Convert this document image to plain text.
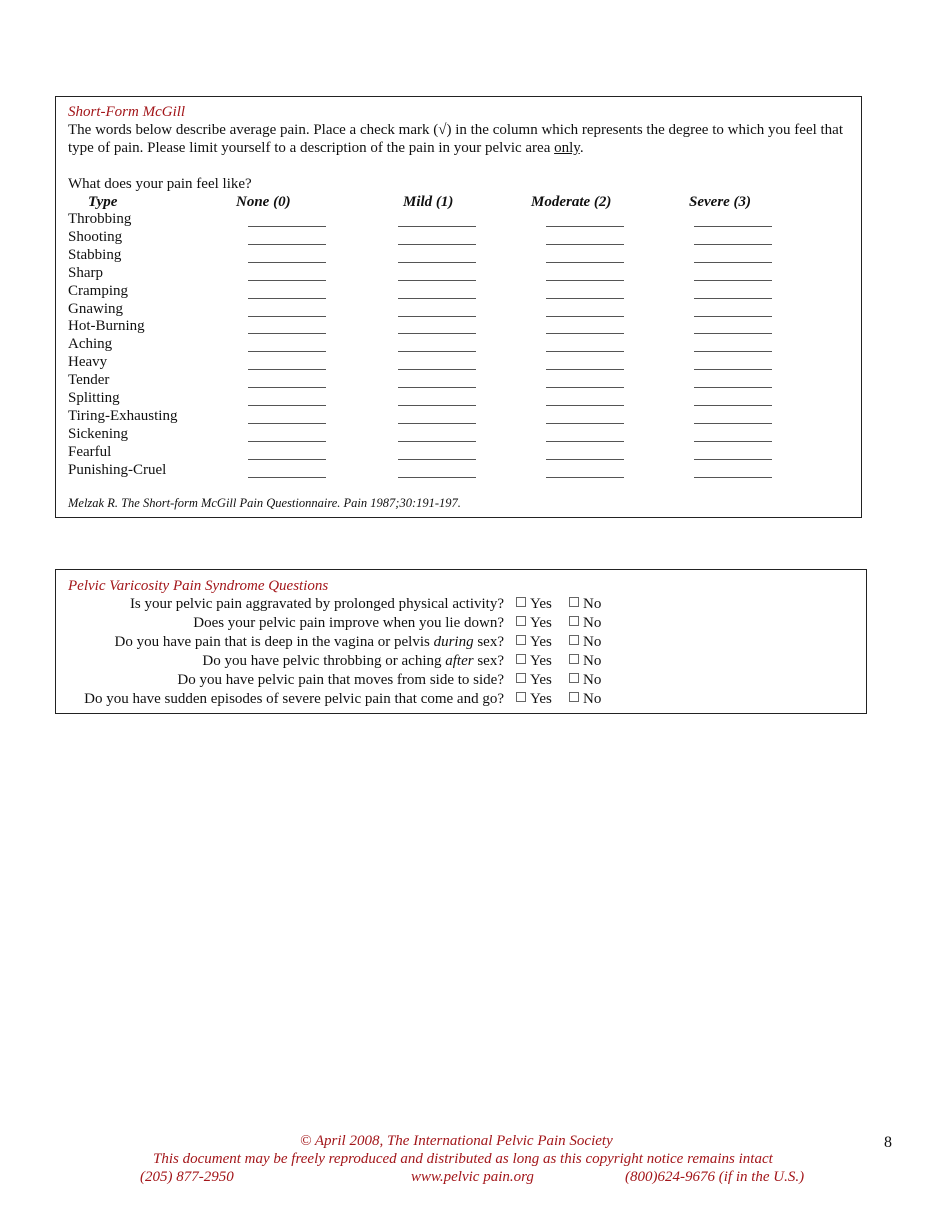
Short-Form McGill
The words below describe average pain. Place a check mark (√) in the column which represents the degree to which you feel that type of pain. Please limit yourself to a description of the pain in your pelvic area only.
What does your pain feel like?
Type	None (0)	Mild (1)	Moderate (2)	Severe (3)
Throbbing
Shooting
Stabbing
Sharp
Cramping
Gnawing
Hot-Burning
Aching
Heavy
Tender
Splitting
Tiring-Exhausting
Sickening
Fearful
Punishing-Cruel
Melzak R. The Short-form McGill Pain Questionnaire. Pain 1987;30:191-197.
Pelvic Varicosity Pain Syndrome Questions
Is your pelvic pain aggravated by prolonged physical activity?	Yes	No
Does your pelvic pain improve when you lie down?	Yes	No
Do you have pain that is deep in the vagina or pelvis during sex?	Yes	No
Do you have pelvic throbbing or aching after sex?	Yes	No
Do you have pelvic pain that moves from side to side?	Yes	No
Do you have sudden episodes of severe pelvic pain that come and go?	Yes	No
© April 2008, The International Pelvic Pain Society
This document may be freely reproduced and distributed as long as this copyright notice remains intact
(205) 877-2950	www.pelvic pain.org	(800)624-9676 (if in the U.S.)
8
